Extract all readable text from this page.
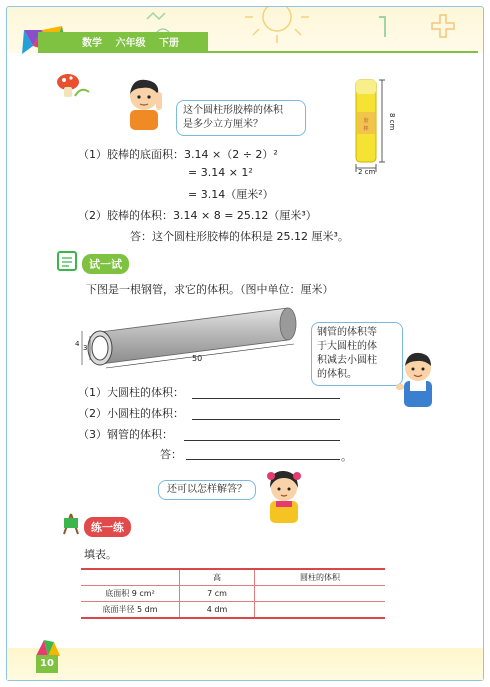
数学 六年级 下册
这个圆柱形胶棒的体积
是多少立方厘米？	胶
棒	8 cm
2 cm
（1）胶棒的底面积：3.14 ×（2 ÷ 2）²
= 3.14 × 1²
= 3.14（厘米²）
（2）胶棒的体积：3.14 × 8 = 25.12（厘米³）
答：这个圆柱形胶棒的体积是 25.12 厘米³。
试一试
下图是一根钢管，求它的体积。（图中单位：厘米）
50
4 3
钢管的体积等
于大圆柱的体
积减去小圆柱
的体积。
（1）大圆柱的体积：
（2）小圆柱的体积：
（3）钢管的体积：
答：	。
还可以怎样解答？
练一练
填表。
	高	圆柱的体积
底面积 9 cm²	7 cm	
底面半径 5 dm	4 dm	
10
